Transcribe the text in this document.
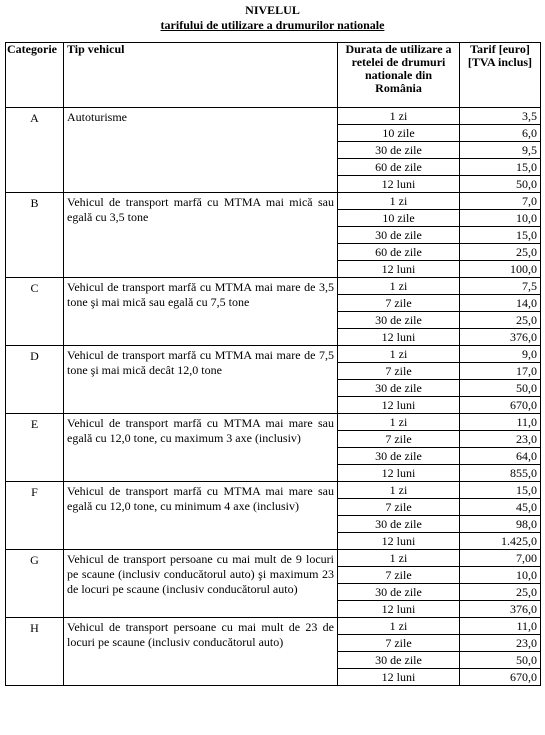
NIVELUL
tarifului de utilizare a drumurilor nationale
Categorie	Tip vehicul	Durata de utilizare a retelei de drumuri nationale din România	Tarif [euro] [TVA inclus]
A	Autoturisme	1 zi	3,5
		10 zile	6,0
		30 de zile	9,5
		60 de zile	15,0
		12 luni	50,0
B	Vehicul de transport marfă cu MTMA mai mică sau egală cu 3,5 tone	1 zi	7,0
		10 zile	10,0
		30 de zile	15,0
		60 de zile	25,0
		12 luni	100,0
C	Vehicul de transport marfă cu MTMA mai mare de 3,5 tone şi mai mică sau egală cu 7,5 tone	1 zi	7,5
		7 zile	14,0
		30 de zile	25,0
		12 luni	376,0
D	Vehicul de transport marfă cu MTMA mai mare de 7,5 tone şi mai mică decât 12,0 tone	1 zi	9,0
		7 zile	17,0
		30 de zile	50,0
		12 luni	670,0
E	Vehicul de transport marfă cu MTMA mai mare sau egală cu 12,0 tone, cu maximum 3 axe (inclusiv)	1 zi	11,0
		7 zile	23,0
		30 de zile	64,0
		12 luni	855,0
F	Vehicul de transport marfă cu MTMA mai mare sau egală cu 12,0 tone, cu minimum 4 axe (inclusiv)	1 zi	15,0
		7 zile	45,0
		30 de zile	98,0
		12 luni	1.425,0
G	Vehicul de transport persoane cu mai mult de 9 locuri pe scaune (inclusiv conducătorul auto) şi maximum 23 de locuri pe scaune (inclusiv conducătorul auto)	1 zi	7,00
		7 zile	10,0
		30 de zile	25,0
		12 luni	376,0
H	Vehicul de transport persoane cu mai mult de 23 de locuri pe scaune (inclusiv conducătorul auto)	1 zi	11,0
		7 zile	23,0
		30 de zile	50,0
		12 luni	670,0
